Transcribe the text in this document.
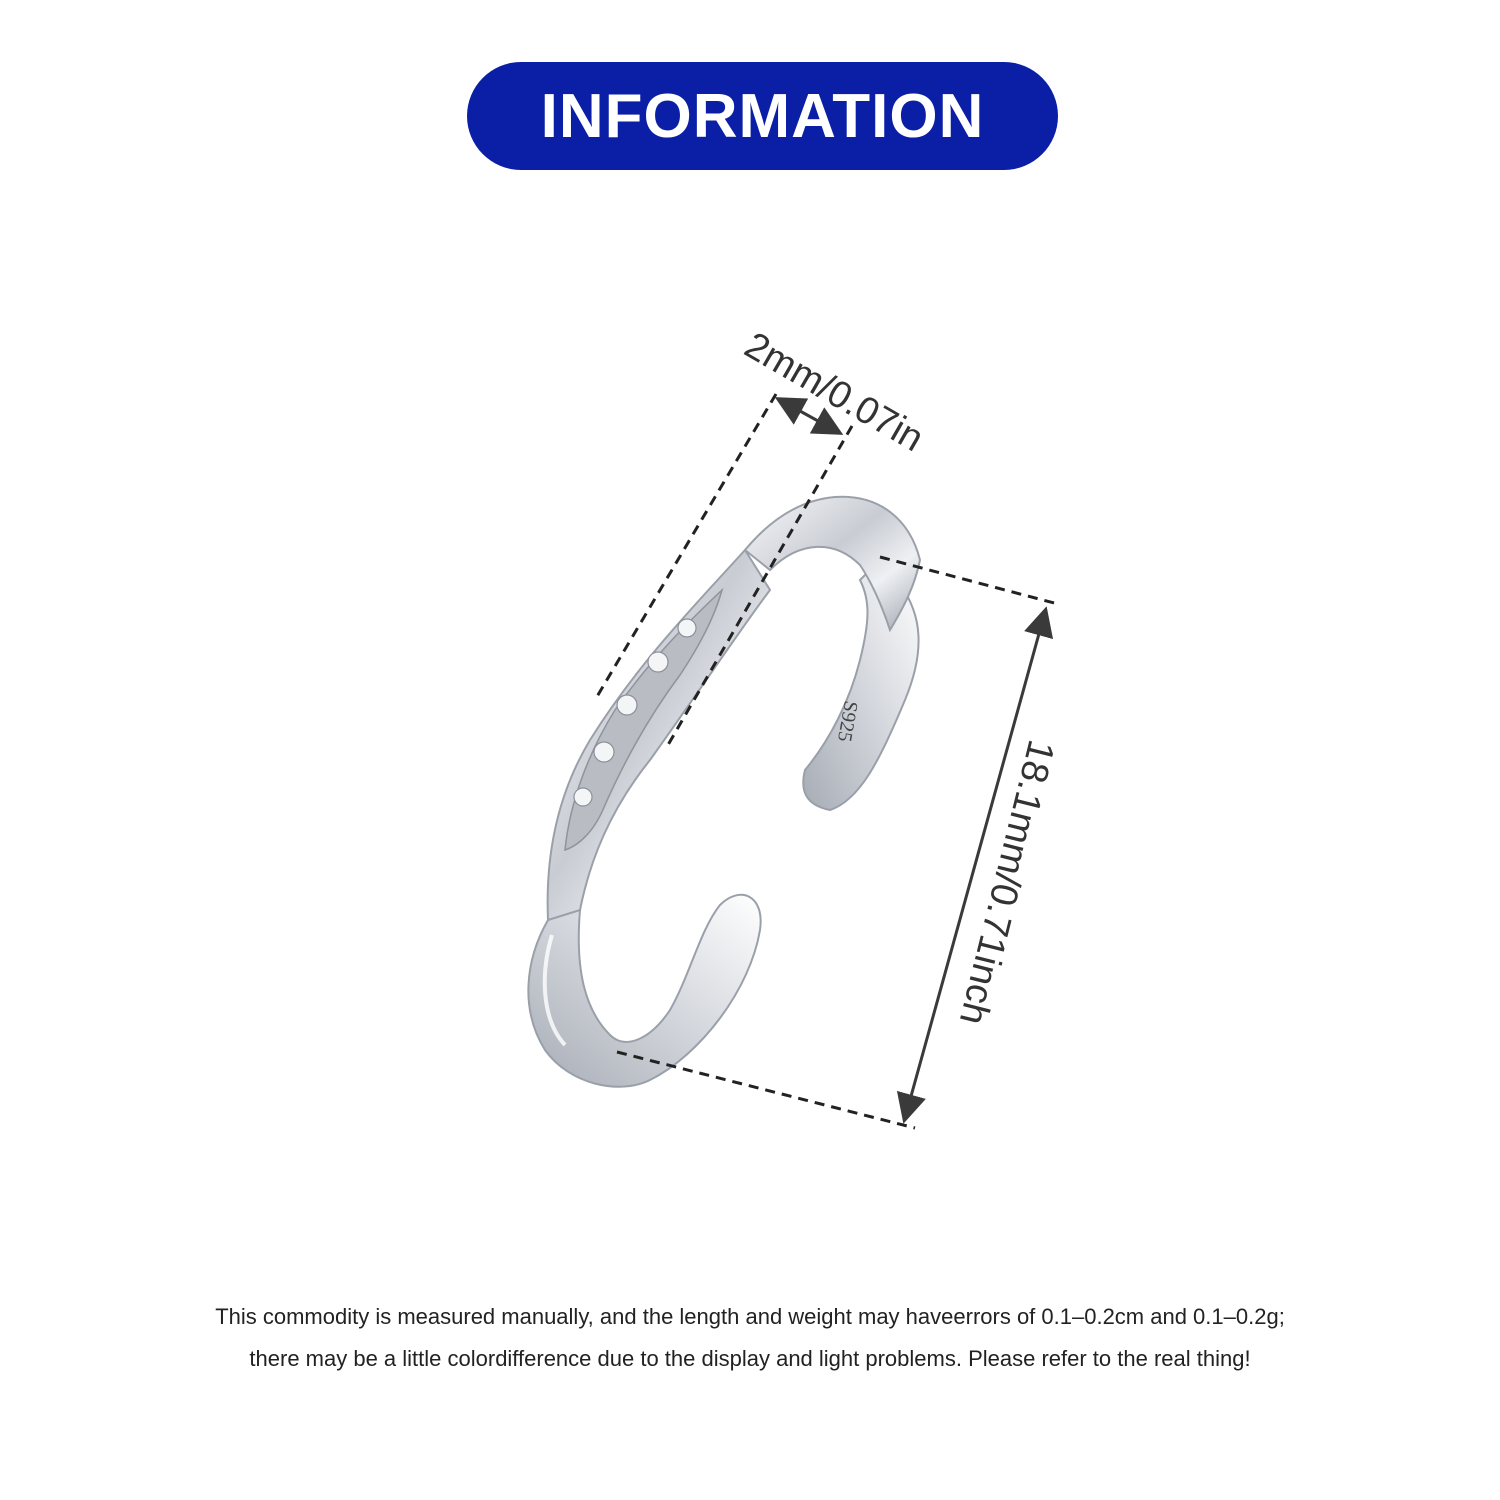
INFORMATION
S925
2mm/0.07in
18.1mm/0.71inch
This commodity is measured manually, and the length and weight may haveerrors of 0.1–0.2cm and 0.1–0.2g;
there may be a little colordifference due to the display and light problems. Please refer to the real thing!
